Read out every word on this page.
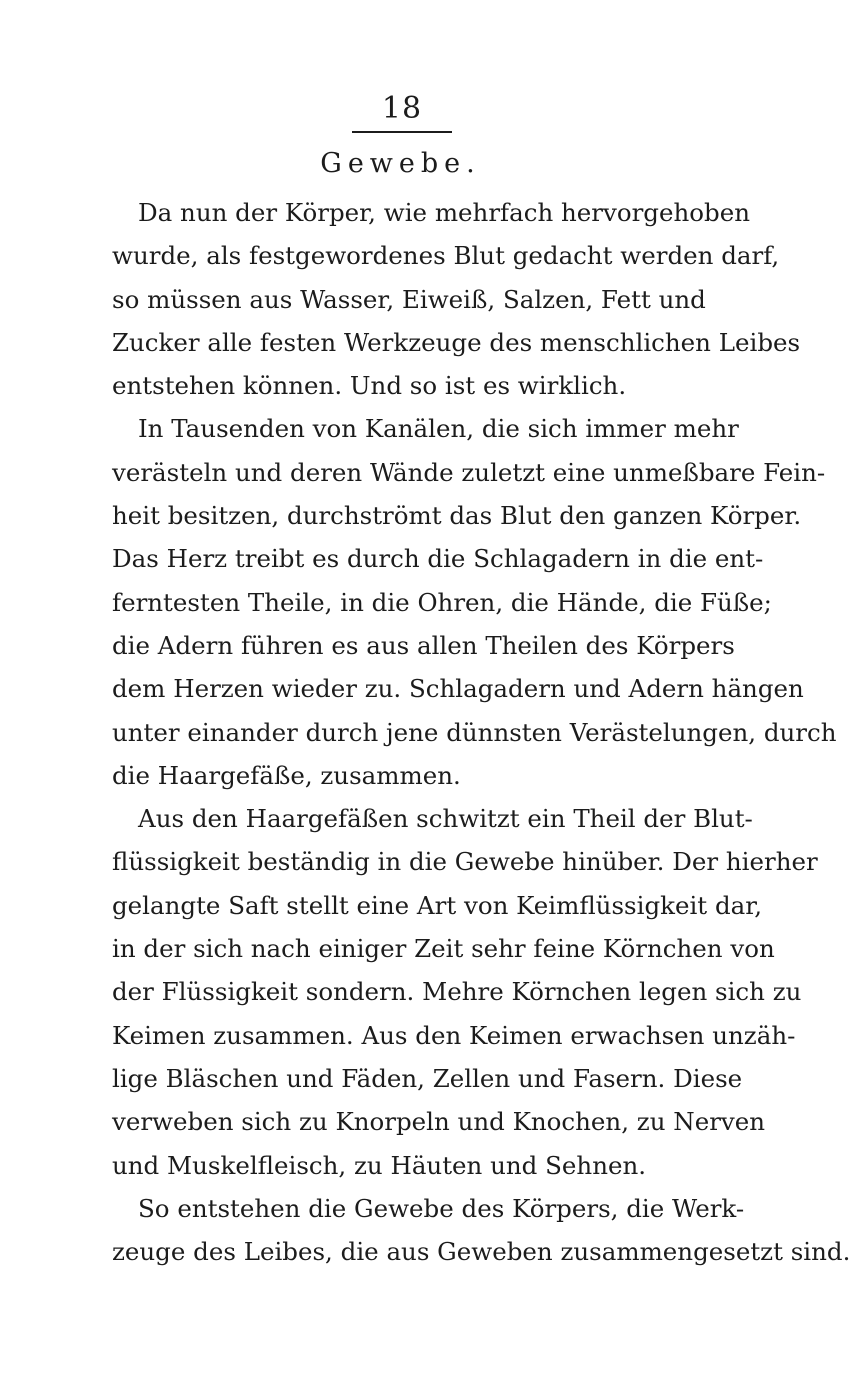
18
Gewebe.
Da nun der Körper, wie mehrfach hervorgehoben
wurde, als festgewordenes Blut gedacht werden darf,
so müssen aus Wasser, Eiweiß, Salzen, Fett und
Zucker alle festen Werkzeuge des menschlichen Leibes
entstehen können. Und so ist es wirklich.
In Tausenden von Kanälen, die sich immer mehr
verästeln und deren Wände zuletzt eine unmeßbare Fein-
heit besitzen, durchströmt das Blut den ganzen Körper.
Das Herz treibt es durch die Schlagadern in die ent-
ferntesten Theile, in die Ohren, die Hände, die Füße;
die Adern führen es aus allen Theilen des Körpers
dem Herzen wieder zu. Schlagadern und Adern hängen
unter einander durch jene dünnsten Verästelungen, durch
die Haargefäße, zusammen.
Aus den Haargefäßen schwitzt ein Theil der Blut-
flüssigkeit beständig in die Gewebe hinüber. Der hierher
gelangte Saft stellt eine Art von Keimflüssigkeit dar,
in der sich nach einiger Zeit sehr feine Körnchen von
der Flüssigkeit sondern. Mehre Körnchen legen sich zu
Keimen zusammen. Aus den Keimen erwachsen unzäh-
lige Bläschen und Fäden, Zellen und Fasern. Diese
verweben sich zu Knorpeln und Knochen, zu Nerven
und Muskelfleisch, zu Häuten und Sehnen.
So entstehen die Gewebe des Körpers, die Werk-
zeuge des Leibes, die aus Geweben zusammengesetzt sind.
